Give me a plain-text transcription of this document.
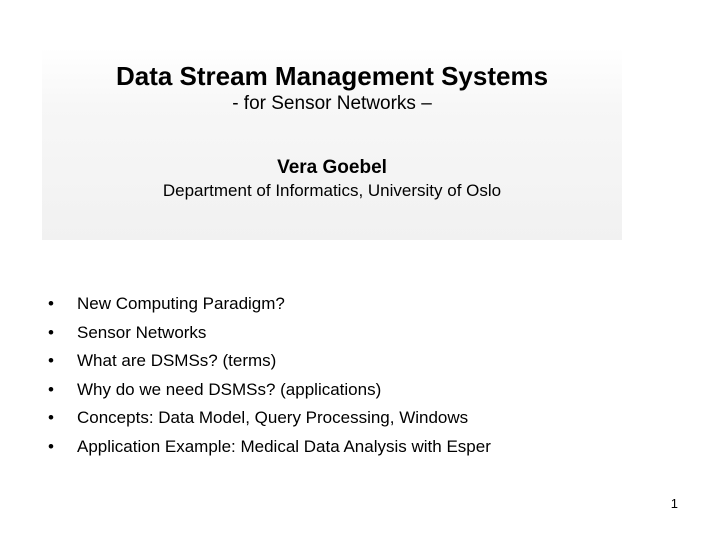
Data Stream Management Systems
- for Sensor Networks –
Vera Goebel
Department of Informatics, University of Oslo
• New Computing Paradigm?
• Sensor Networks
• What are DSMSs? (terms)
• Why do we need DSMSs? (applications)
• Concepts: Data Model, Query Processing, Windows
• Application Example: Medical Data Analysis with Esper
1
